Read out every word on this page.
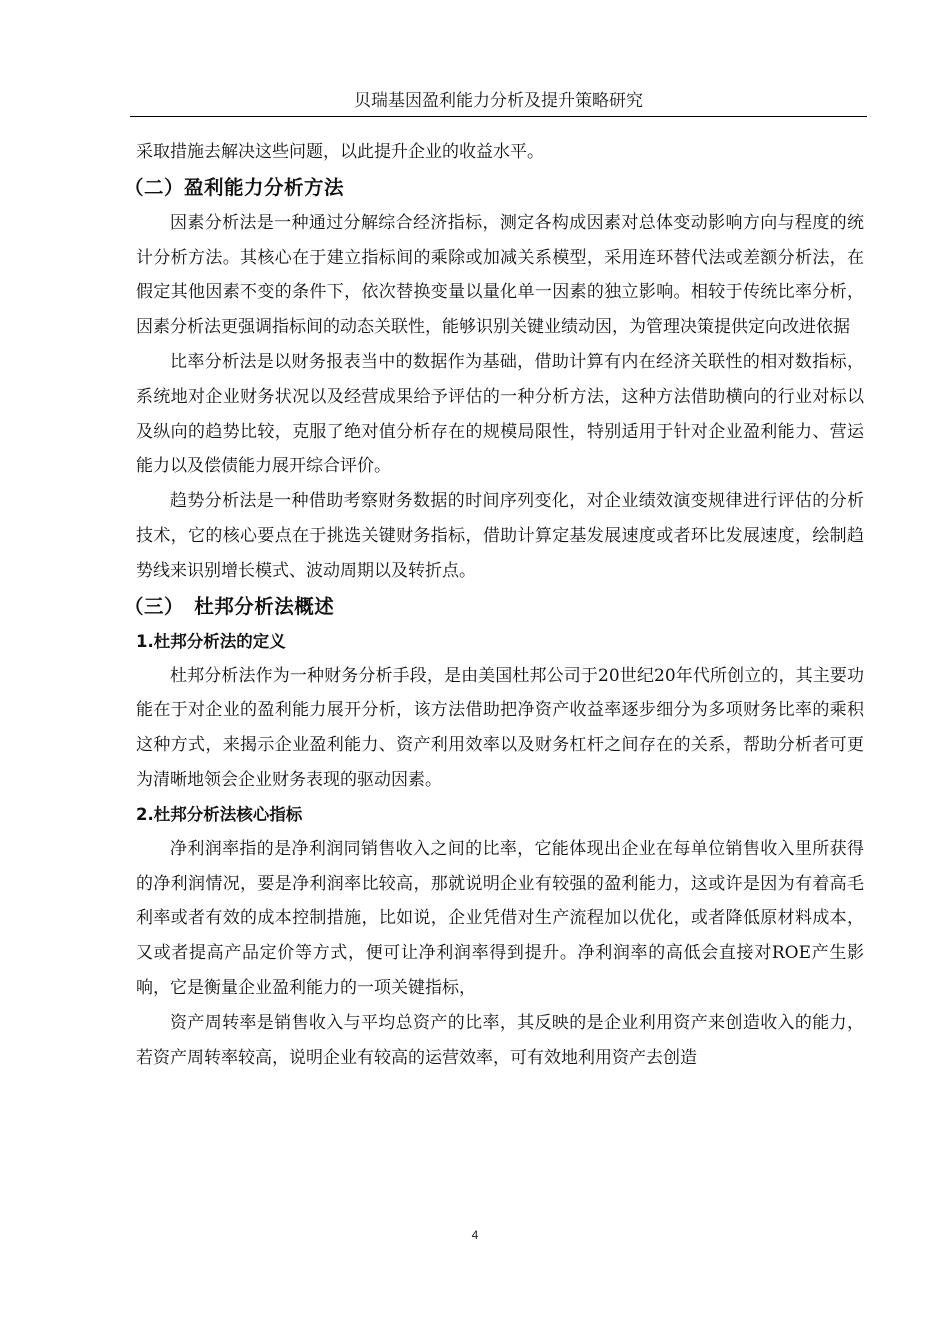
贝瑞基因盈利能力分析及提升策略研究

采取措施去解决这些问题，以此提升企业的收益水平。

（二）盈利能力分析方法

因素分析法是一种通过分解综合经济指标，测定各构成因素对总体变动影响方向与程度的统计分析方法。其核心在于建立指标间的乘除或加减关系模型，采用连环替代法或差额分析法，在假定其他因素不变的条件下，依次替换变量以量化单一因素的独立影响。相较于传统比率分析，因素分析法更强调指标间的动态关联性，能够识别关键业绩动因，为管理决策提供定向改进依据

比率分析法是以财务报表当中的数据作为基础，借助计算有内在经济关联性的相对数指标，系统地对企业财务状况以及经营成果给予评估的一种分析方法，这种方法借助横向的行业对标以及纵向的趋势比较，克服了绝对值分析存在的规模局限性，特别适用于针对企业盈利能力、营运能力以及偿债能力展开综合评价。

趋势分析法是一种借助考察财务数据的时间序列变化，对企业绩效演变规律进行评估的分析技术，它的核心要点在于挑选关键财务指标，借助计算定基发展速度或者环比发展速度，绘制趋势线来识别增长模式、波动周期以及转折点。

（三）　杜邦分析法概述
1.杜邦分析法的定义

杜邦分析法作为一种财务分析手段，是由美国杜邦公司于20世纪20年代所创立的，其主要功能在于对企业的盈利能力展开分析，该方法借助把净资产收益率逐步细分为多项财务比率的乘积这种方式，来揭示企业盈利能力、资产利用效率以及财务杠杆之间存在的关系，帮助分析者可更为清晰地领会企业财务表现的驱动因素。

2.杜邦分析法核心指标

净利润率指的是净利润同销售收入之间的比率，它能体现出企业在每单位销售收入里所获得的净利润情况，要是净利润率比较高，那就说明企业有较强的盈利能力，这或许是因为有着高毛利率或者有效的成本控制措施，比如说，企业凭借对生产流程加以优化，或者降低原材料成本，又或者提高产品定价等方式，便可让净利润率得到提升。净利润率的高低会直接对ROE产生影响，它是衡量企业盈利能力的一项关键指标，

资产周转率是销售收入与平均总资产的比率，其反映的是企业利用资产来创造收入的能力，若资产周转率较高，说明企业有较高的运营效率，可有效地利用资产去创造

4
